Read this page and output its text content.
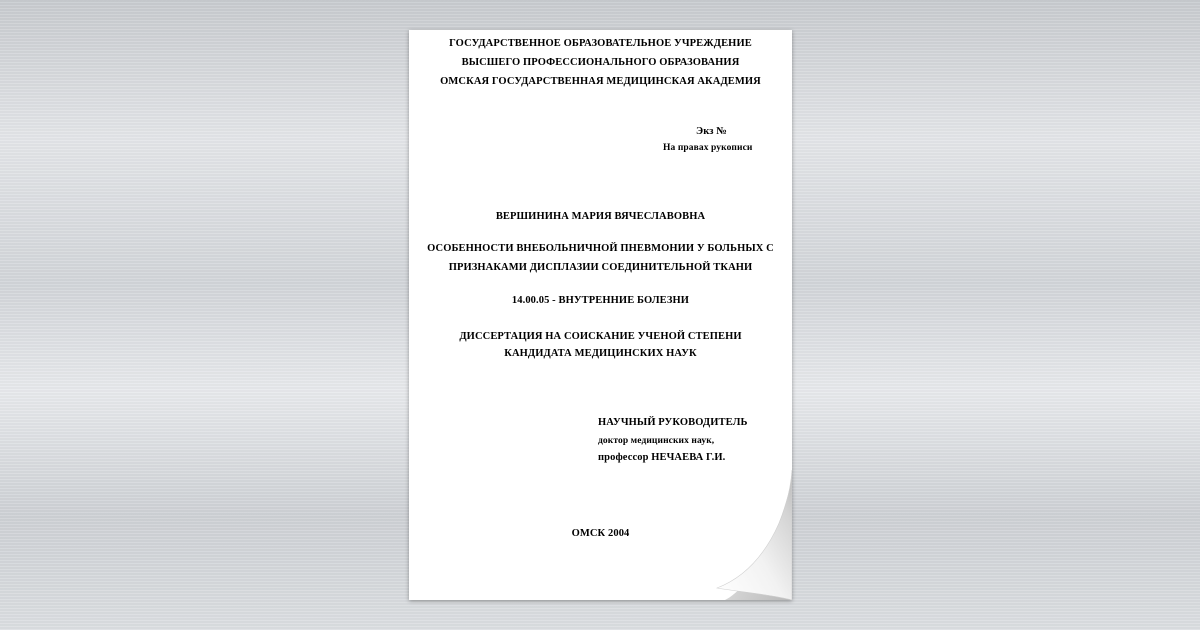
ГОСУДАРСТВЕННОЕ ОБРАЗОВАТЕЛЬНОЕ УЧРЕЖДЕНИЕ
ВЫСШЕГО ПРОФЕССИОНАЛЬНОГО ОБРАЗОВАНИЯ
ОМСКАЯ ГОСУДАРСТВЕННАЯ МЕДИЦИНСКАЯ АКАДЕМИЯ
Экз №
На правах рукописи
ВЕРШИНИНА МАРИЯ ВЯЧЕСЛАВОВНА
ОСОБЕННОСТИ ВНЕБОЛЬНИЧНОЙ ПНЕВМОНИИ У БОЛЬНЫХ С
ПРИЗНАКАМИ ДИСПЛАЗИИ СОЕДИНИТЕЛЬНОЙ ТКАНИ
14.00.05 - ВНУТРЕННИЕ БОЛЕЗНИ
ДИССЕРТАЦИЯ НА СОИСКАНИЕ УЧЕНОЙ СТЕПЕНИ
КАНДИДАТА МЕДИЦИНСКИХ НАУК
НАУЧНЫЙ РУКОВОДИТЕЛЬ
доктор медицинских наук,
профессор НЕЧАЕВА Г.И.
ОМСК 2004
